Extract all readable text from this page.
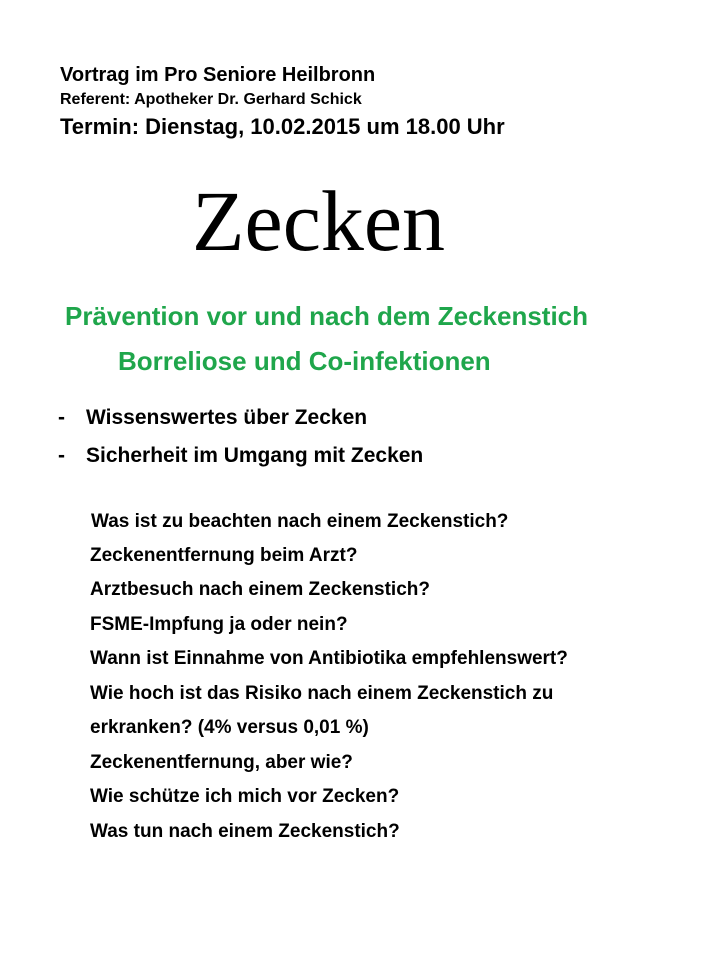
Vortrag im Pro Seniore Heilbronn
Referent: Apotheker Dr. Gerhard Schick
Termin: Dienstag, 10.02.2015 um 18.00 Uhr
Zecken
Prävention vor und nach dem Zeckenstich
Borreliose und Co-infektionen
- Wissenswertes über Zecken
- Sicherheit im Umgang mit Zecken
Was ist zu beachten nach einem Zeckenstich?
Zeckenentfernung beim Arzt?
Arztbesuch nach einem Zeckenstich?
FSME-Impfung ja oder nein?
Wann ist Einnahme von Antibiotika empfehlenswert?
Wie hoch ist das Risiko nach einem Zeckenstich zu
erkranken? (4% versus 0,01 %)
Zeckenentfernung, aber wie?
Wie schütze ich mich vor Zecken?
Was tun nach einem Zeckenstich?
